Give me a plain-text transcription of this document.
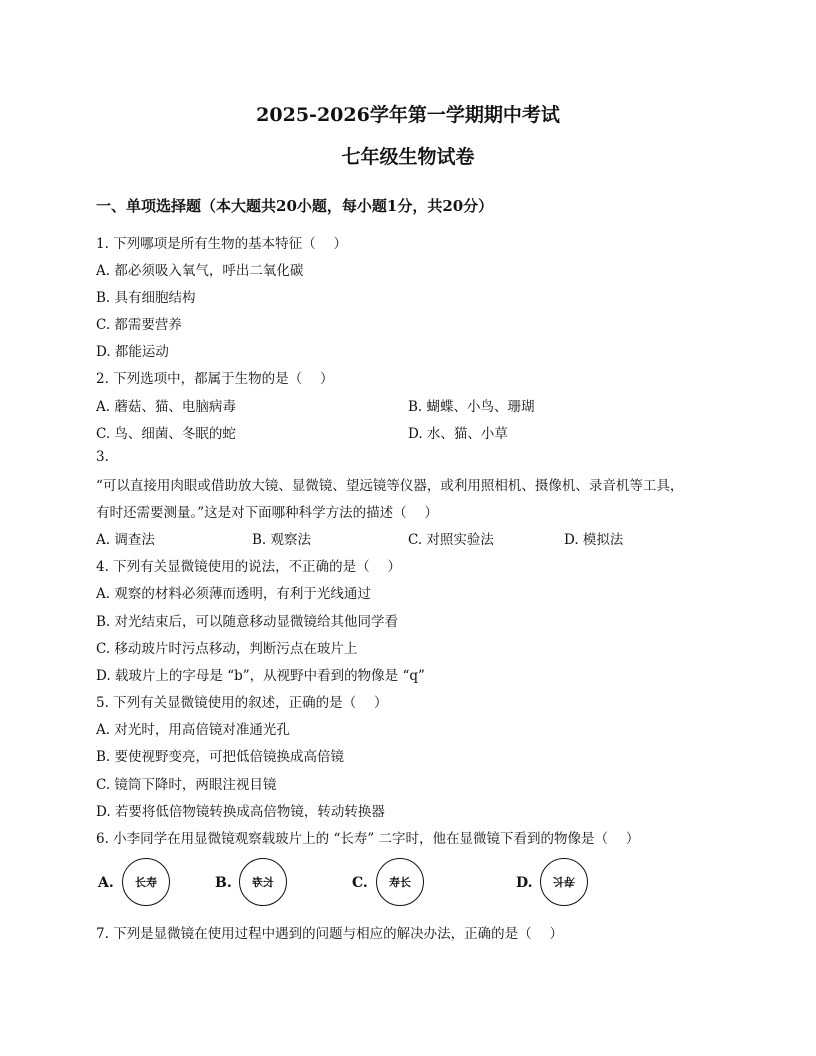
2025-2026学年第一学期期中考试
七年级生物试卷
一、单项选择题（本大题共20小题，每小题1分，共20分）
1. 下列哪项是所有生物的基本特征（　 ）
A. 都必须吸入氧气，呼出二氧化碳
B. 具有细胞结构
C. 都需要营养
D. 都能运动
2. 下列选项中，都属于生物的是（　 ）
A. 蘑菇、猫、电脑病毒	B. 蝴蝶、小鸟、珊瑚
C. 鸟、细菌、冬眠的蛇	D. 水、猫、小草
3.
“可以直接用肉眼或借助放大镜、显微镜、望远镜等仪器，或利用照相机、摄像机、录音机等工具，
有时还需要测量。”这是对下面哪种科学方法的描述（　 ）
A. 调查法	B. 观察法	C. 对照实验法	D. 模拟法
4. 下列有关显微镜使用的说法，不正确的是（　 ）
A. 观察的材料必须薄而透明，有利于光线通过
B. 对光结束后，可以随意移动显微镜给其他同学看
C. 移动玻片时污点移动，判断污点在玻片上
D. 载玻片上的字母是 “b”，从视野中看到的物像是 “q”
5. 下列有关显微镜使用的叙述，正确的是（　 ）
A. 对光时，用高倍镜对准通光孔
B. 要使视野变亮，可把低倍镜换成高倍镜
C. 镜筒下降时，两眼注视目镜
D. 若要将低倍物镜转换成高倍物镜，转动转换器
6. 小李同学在用显微镜观察载玻片上的 “长寿” 二字时，他在显微镜下看到的物像是（　 ）
A. 长寿	B. 长寿	C. 寿长	D. 寿长
7. 下列是显微镜在使用过程中遇到的问题与相应的解决办法，正确的是（　 ）
